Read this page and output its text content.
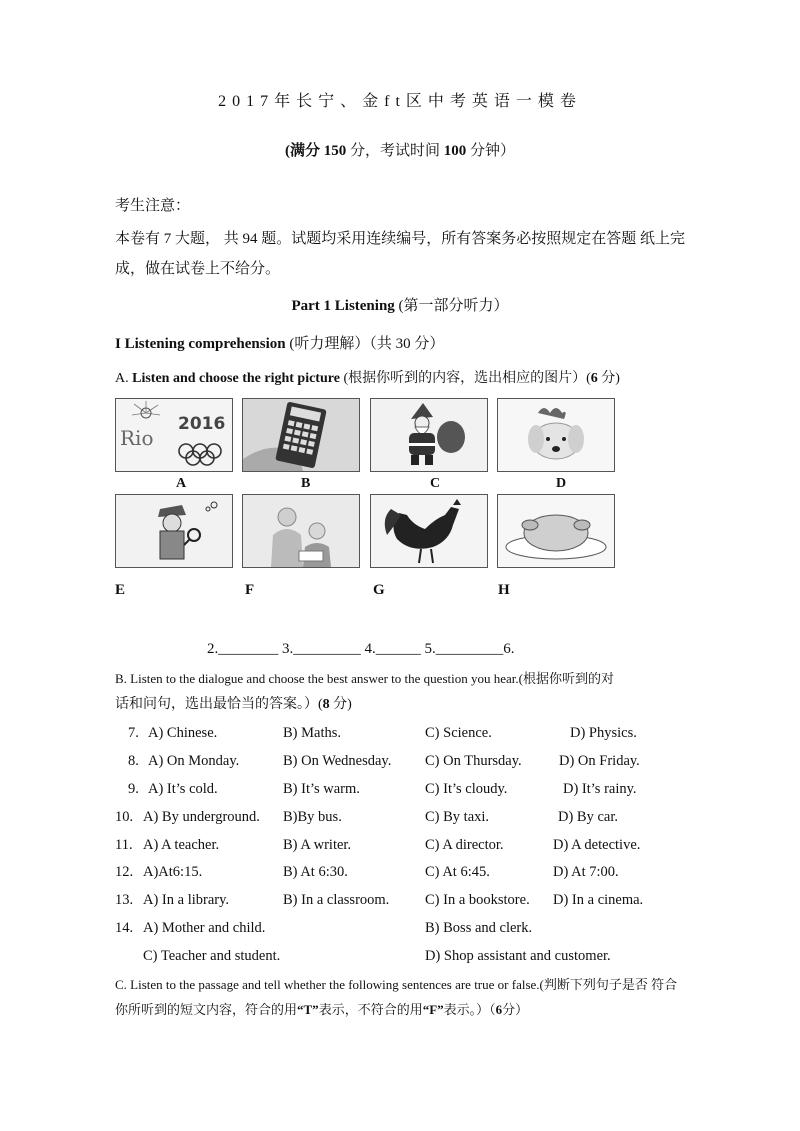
2017年长宁、金ft区中考英语一模卷
(满分 150 分，考试时间 100 分钟）
考生注意：
本卷有 7 大题， 共 94 题。试题均采用连续编号，所有答案务必按照规定在答题 纸上完成，做在试卷上不给分。
Part 1 Listening (第一部分听力）
I Listening comprehension (听力理解）（共 30 分）
A. Listen and choose the right picture (根据你听到的内容，选出相应的图片）(6 分)
Rio
2016
A	B	C	D
E	F	G	H
2.________ 3._________ 4.______ 5._________6.
B. Listen to the dialogue and choose the best answer to the question you hear.(根据你听到的对
话和问句，选出最恰当的答案。）(8 分)
7. A) Chinese.	B) Maths.	C) Science.	D) Physics.
8. A) On Monday.	B) On Wednesday. C) On Thursday.	D) On Friday.
9. A) It’s cold.	B) It’s warm.	C) It’s cloudy.	D) It’s rainy.
10. A) By underground. B)By bus.	C) By taxi.	D) By car.
11. A) A teacher.	B) A writer.	C) A director.	D) A detective.
12. A)At6:15.	B) At 6:30.	C) At 6:45.	D) At 7:00.
13. A) In a library.	B) In a classroom. C) In a bookstore. D) In a cinema.
14. A) Mother and child.	B) Boss and clerk.
C) Teacher and student.	D) Shop assistant and customer.
C. Listen to the passage and tell whether the following sentences are true or false.(判断下列句子是否 符合
你所听到的短文内容，符合的用“T”表示，不符合的用“F”表示。）（6分）
